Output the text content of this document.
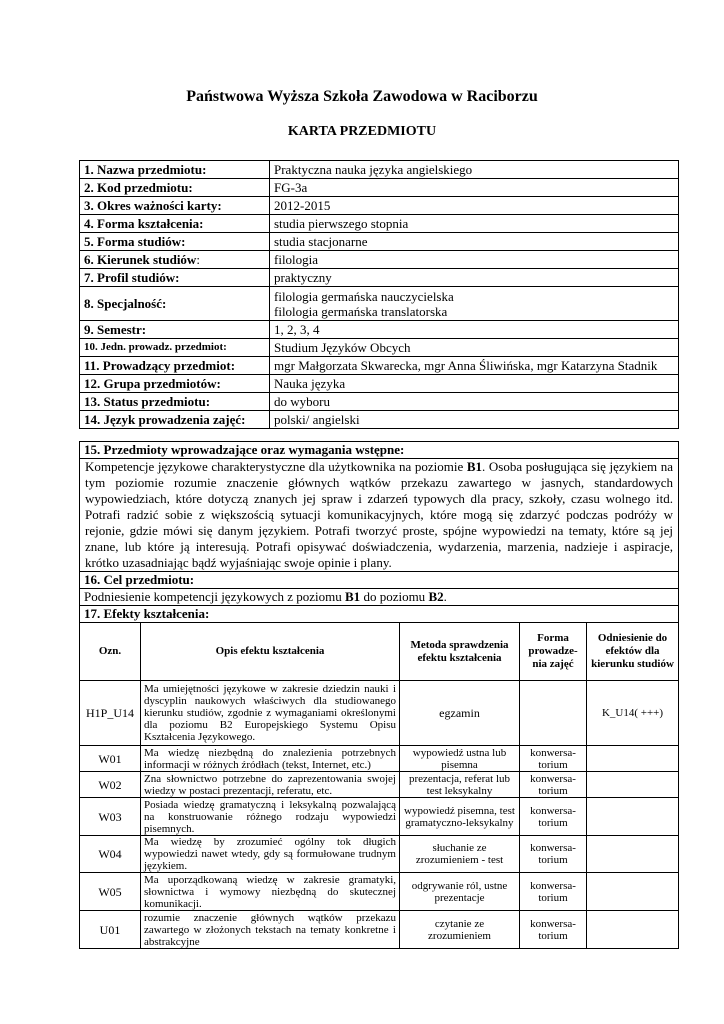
Państwowa Wyższa Szkoła Zawodowa w Raciborzu
KARTA PRZEDMIOTU
1. Nazwa przedmiotu:	Praktyczna nauka języka angielskiego
2. Kod przedmiotu:	FG-3a
3. Okres ważności karty:	2012-2015
4. Forma kształcenia:	studia pierwszego stopnia
5. Forma studiów:	studia stacjonarne
6. Kierunek studiów:	filologia
7. Profil studiów:	praktyczny
8. Specjalność:	filologia germańska nauczycielska
filologia germańska translatorska

9. Semestr:	1, 2, 3, 4
10. Jedn. prowadz. przedmiot:	Studium Języków Obcych
11. Prowadzący przedmiot:	mgr Małgorzata Skwarecka, mgr Anna Śliwińska, mgr Katarzyna Stadnik
12. Grupa przedmiotów:	Nauka języka
13. Status przedmiotu:	do wyboru
14. Język prowadzenia zajęć:	polski/ angielski
15. Przedmioty wprowadzające oraz wymagania wstępne:
Kompetencje językowe charakterystyczne dla użytkownika na poziomie B1. Osoba posługująca się językiem na tym poziomie rozumie znaczenie głównych wątków przekazu zawartego w jasnych, standardowych wypowiedziach, które dotyczą znanych jej spraw i zdarzeń typowych dla pracy, szkoły, czasu wolnego itd. Potrafi radzić sobie z większością sytuacji komunikacyjnych, które mogą się zdarzyć podczas podróży w rejonie, gdzie mówi się danym językiem. Potrafi tworzyć proste, spójne wypowiedzi na tematy, które są jej znane, lub które ją interesują. Potrafi opisywać doświadczenia, wydarzenia, marzenia, nadzieje i aspiracje, krótko uzasadniając bądź wyjaśniając swoje opinie i plany.
16. Cel przedmiotu:
Podniesienie kompetencji językowych z poziomu B1 do poziomu B2.
17. Efekty kształcenia:
Ozn.	Opis efektu kształcenia	Metoda sprawdzenia efektu kształcenia	Forma prowadze-nia zajęć	Odniesienie do efektów dla kierunku studiów
H1P_U14	Ma umiejętności językowe w zakresie dziedzin nauki i dyscyplin naukowych właściwych dla studiowanego kierunku studiów, zgodnie z wymaganiami określonymi dla poziomu B2 Europejskiego Systemu Opisu Kształcenia Językowego.	egzamin		K_U14( +++)
W01	Ma wiedzę niezbędną do znalezienia potrzebnych informacji w różnych źródłach (tekst, Internet, etc.)	wypowiedź ustna lub pisemna	konwersa-torium	
W02	Zna słownictwo potrzebne do zaprezentowania swojej wiedzy w postaci prezentacji, referatu, etc.	prezentacja, referat lub test leksykalny	konwersa-torium	
W03	Posiada wiedzę gramatyczną i leksykalną pozwalającą na konstruowanie różnego rodzaju wypowiedzi pisemnych.	wypowiedź pisemna, test gramatyczno-leksykalny	konwersa-torium	
W04	Ma wiedzę by zrozumieć ogólny tok długich wypowiedzi nawet wtedy, gdy są formułowane trudnym językiem.	słuchanie ze zrozumieniem - test	konwersa-torium	
W05	Ma uporządkowaną wiedzę w zakresie gramatyki, słownictwa i wymowy niezbędną do skutecznej komunikacji.	odgrywanie ról, ustne prezentacje	konwersa-torium	
U01	rozumie znaczenie głównych wątków przekazu zawartego w złożonych tekstach na tematy konkretne i abstrakcyjne	czytanie ze zrozumieniem	konwersa-torium	
